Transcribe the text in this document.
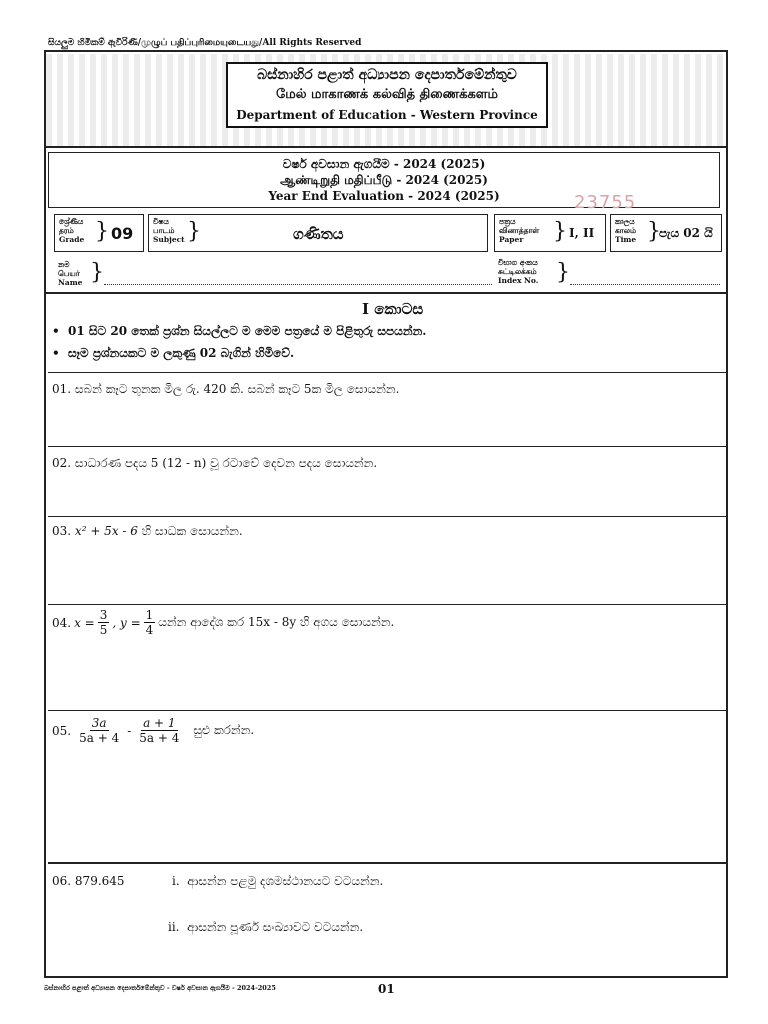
සියලුම හිමිකම් ඇවිරිණි/முழுப் பதிப்புரிமையுடையது/All Rights Reserved
බස්නාහිර පළාත් අධ්‍යාපන දෙපාර්තමේන්තුව
மேல் மாகாணக் கல்வித் திணைக்களம்
Department of Education - Western Province
වර්ෂ අවසාන ඇගයීම - 2024 (2025)
ஆண்டிறுதி மதிப்பீடு - 2024 (2025)
Year End Evaluation - 2024 (2025)
ශ්‍රේණිය
தரம்
Grade } 09
විෂය
பாடம்
Subject }	ගණිතය
23755
පත්‍රය
வினாத்தாள்
Paper	} I, II
කාලය
காலம்
Time }
පැය 02 යි
නම
பெயர்
Name }	විභාග අංකය
சுட்டிலக்கம்
Index No. }
I කොටස
•  01 සිට 20 තෙක් ප්‍රශ්න සියල්ලට ම මෙම පත්‍රයේ ම පිළිතුරු සපයන්න.
•  සෑම ප්‍රශ්නයකට ම ලකුණු 02 බැගින් හිමිවේ.
01. සබන් කෑට තුනක මිල රු. 420 කි. සබන් කෑට 5ක මිල සොයන්න.
02. සාධාරණ පදය 5 (12 - n) වූ රටාවේ දෙවන පදය සොයන්න.
03. x² + 5x - 6 හි සාධක සොයන්න.
04. $x = \frac{3}{5}$ , $y = \frac{1}{4}$ යන්න ආදේශ කර 15x - 8y හි අගය සොයන්න.
05. $\frac{3a}{5a + 4} - \frac{a + 1}{5a + 4}$ සුළු කරන්න.
06. 879.645	i. ආසන්න පළමු දශමස්ථානයට වටයන්න.
ii. ආසන්න පූර්ණ සංඛ්‍යාවට වටයන්න.
බස්නාහිර පළාත් අධ්‍යාපන දෙපාර්තමේන්තුව - වර්ෂ අවසාන ඇගයීම - 2024-2025	01
